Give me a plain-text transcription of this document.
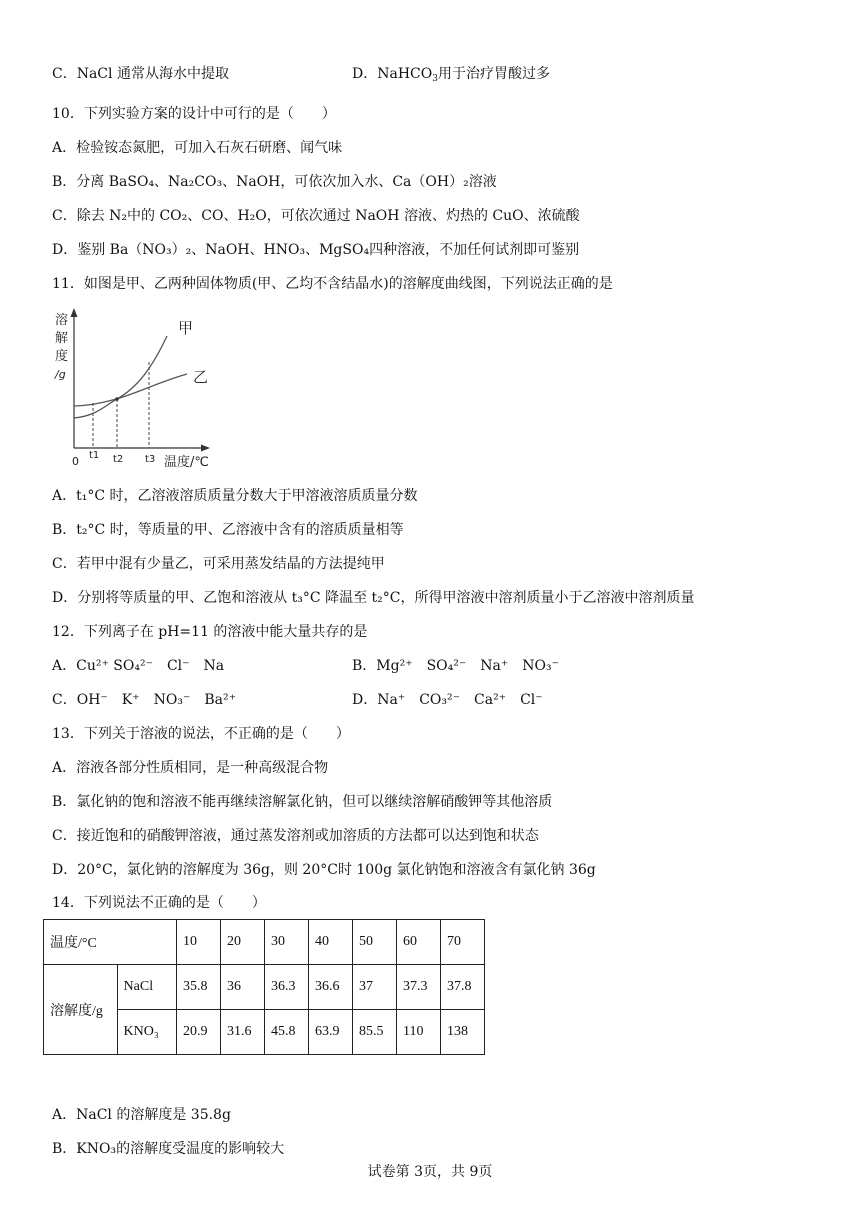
C．NaCl 通常从海水中提取	D．NaHCO$_3$用于治疗胃酸过多
10．下列实验方案的设计中可行的是（　　）
A．检验铵态氮肥，可加入石灰石研磨、闻气味
B．分离 BaSO₄、Na₂CO₃、NaOH，可依次加入水、Ca（OH）₂溶液
C．除去 N₂中的 CO₂、CO、H₂O，可依次通过 NaOH 溶液、灼热的 CuO、浓硫酸
D．鉴别 Ba（NO₃）₂、NaOH、HNO₃、MgSO₄四种溶液，不加任何试剂即可鉴别
11．如图是甲、乙两种固体物质(甲、乙均不含结晶水)的溶解度曲线图，下列说法正确的是
溶
解
度
/g
甲
乙
0 t1 t2 t3 温度/℃
A．t₁°C 时，乙溶液溶质质量分数大于甲溶液溶质质量分数
B．t₂°C 时，等质量的甲、乙溶液中含有的溶质质量相等
C．若甲中混有少量乙，可采用蒸发结晶的方法提纯甲
D．分别将等质量的甲、乙饱和溶液从 t₃°C 降温至 t₂°C，所得甲溶液中溶剂质量小于乙溶液中溶剂质量
12．下列离子在 pH=11 的溶液中能大量共存的是
A．Cu²⁺ SO₄²⁻　Cl⁻　Na	B．Mg²⁺　SO₄²⁻　Na⁺　NO₃⁻
C．OH⁻　K⁺　NO₃⁻　Ba²⁺	D．Na⁺　CO₃²⁻　Ca²⁺　Cl⁻
13．下列关于溶液的说法，不正确的是（　　）
A．溶液各部分性质相同，是一种高级混合物
B．氯化钠的饱和溶液不能再继续溶解氯化钠，但可以继续溶解硝酸钾等其他溶质
C．接近饱和的硝酸钾溶液，通过蒸发溶剂或加溶质的方法都可以达到饱和状态
D．20°C，氯化钠的溶解度为 36g，则 20°C时 100g 氯化钠饱和溶液含有氯化钠 36g
14．下列说法不正确的是（　　）
温度/°C		10	20	30	40	50	60	70
溶解度/g	NaCl	35.8	36	36.3	36.6	37	37.3	37.8
	KNO₃	20.9	31.6	45.8	63.9	85.5	110	138
A．NaCl 的溶解度是 35.8g
B．KNO₃的溶解度受温度的影响较大
试卷第 3页，共 9页
